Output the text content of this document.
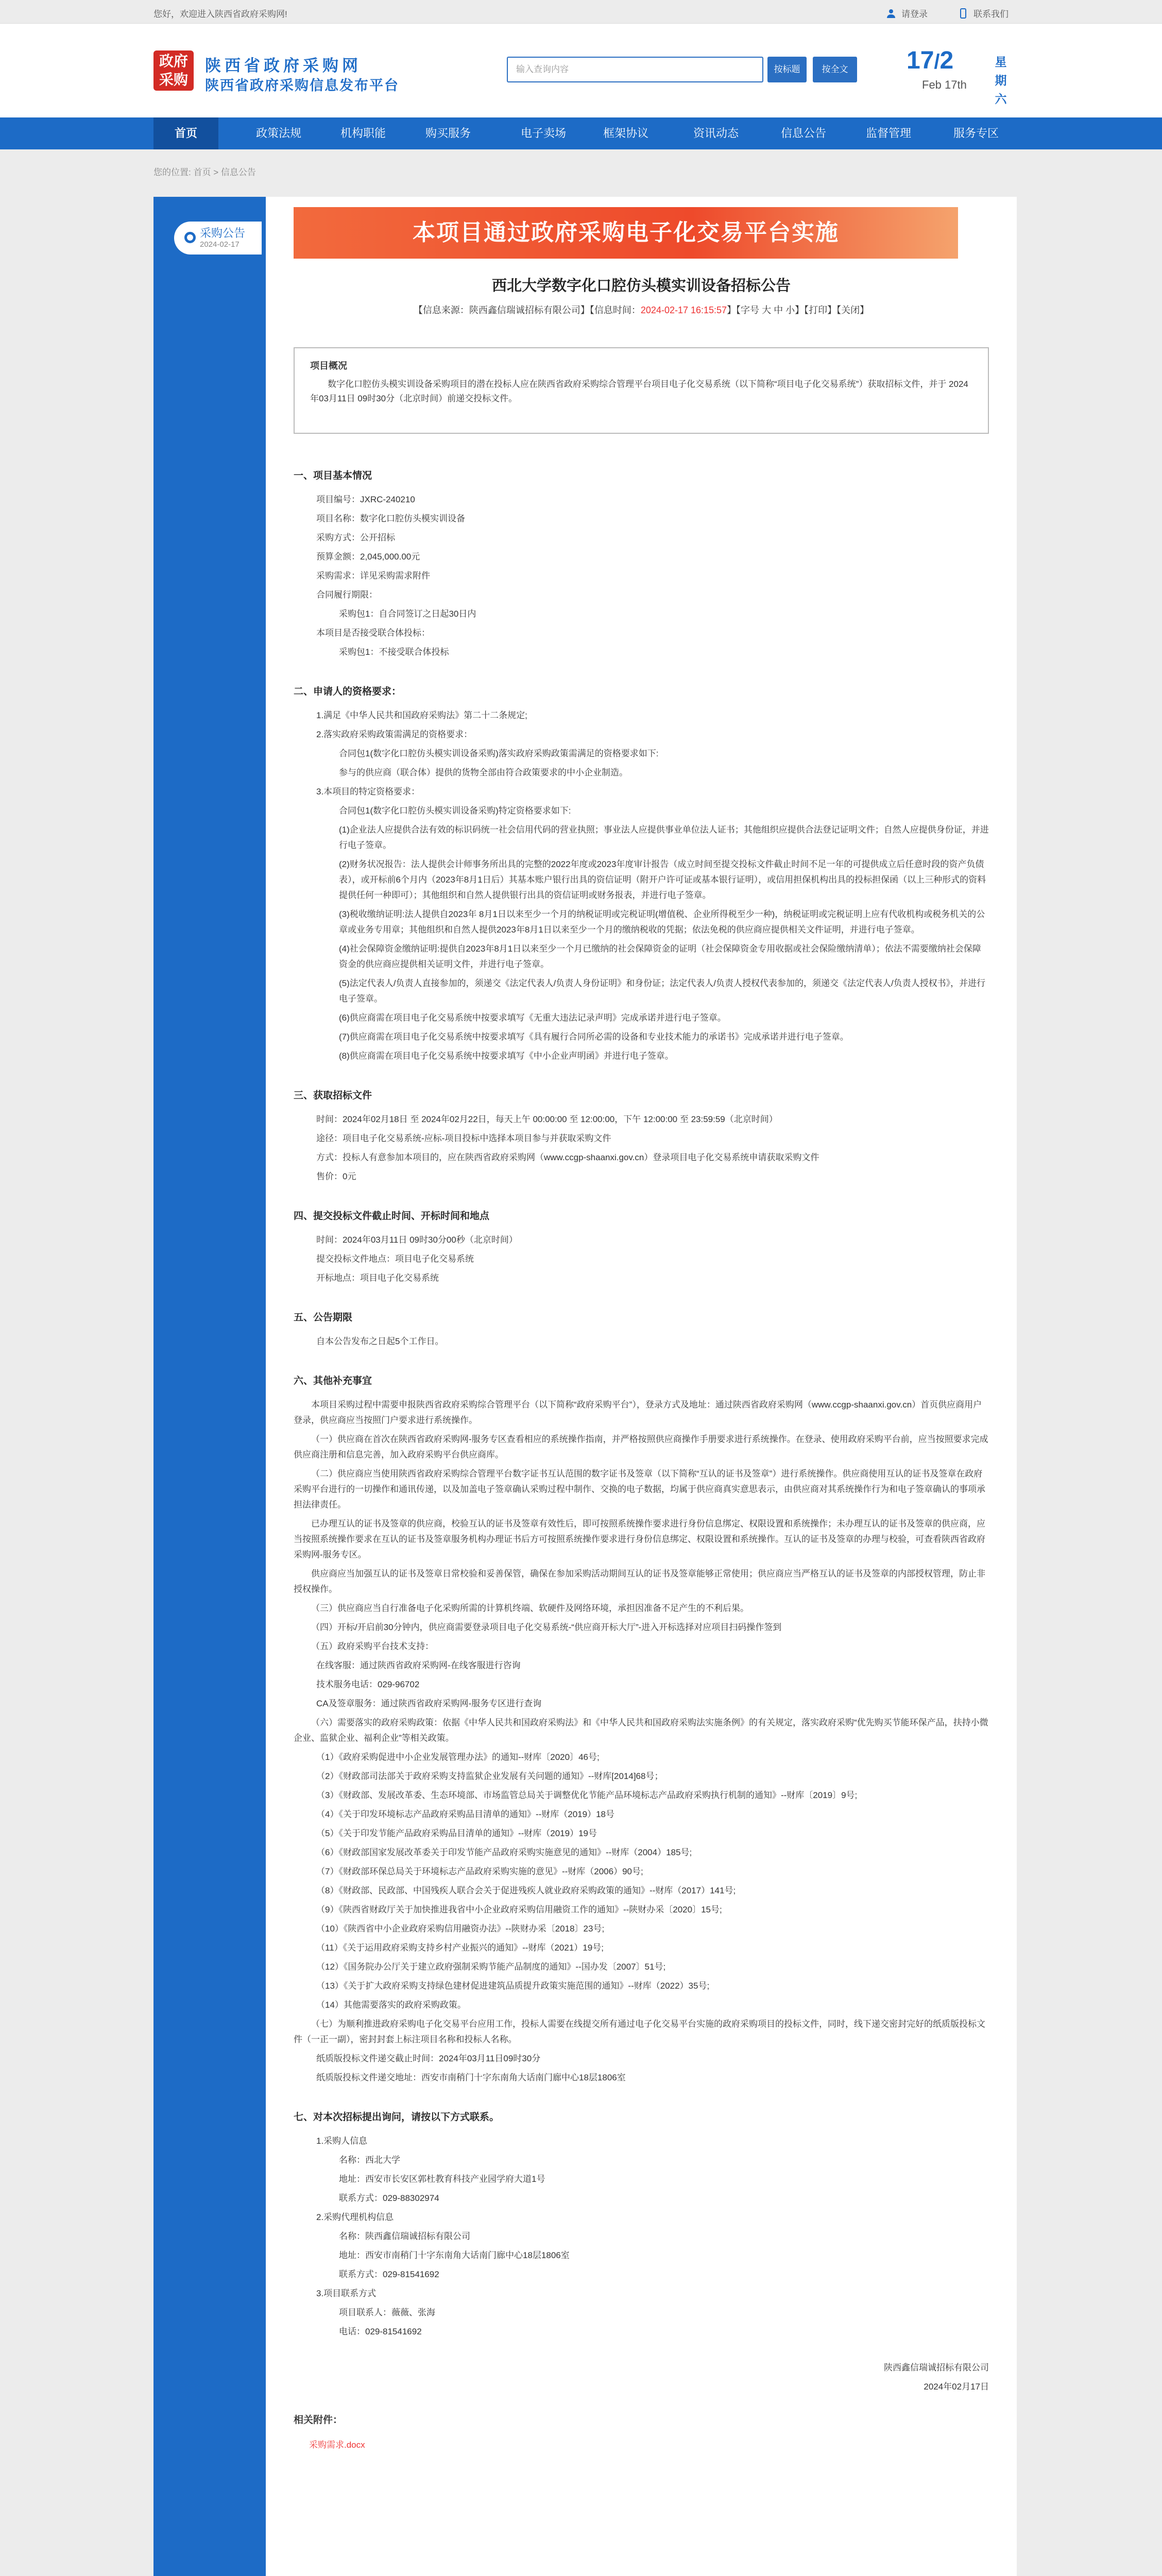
您好，欢迎进入陕西省政府采购网!	请登录	联系我们
政府
采购
陕西省政府采购网
陕西省政府采购信息发布平台
输入查询内容	按标题	按全文	17/2	星期六
Feb 17th
首页	政策法规	机构职能	购买服务	电子卖场	框架协议	资讯动态	信息公告	监督管理	服务专区
您的位置: 首页 > 信息公告
采购公告
2024-02-17	本项目通过政府采购电子化交易平台实施
西北大学数字化口腔仿头模实训设备招标公告
【信息来源：陕西鑫信瑞诚招标有限公司】【信息时间：2024-02-17 16:15:57】【字号 大 中 小】【打印】【关闭】
项目概况
数字化口腔仿头模实训设备采购项目的潜在投标人应在陕西省政府采购综合管理平台项目电子化交易系统（以下简称“项目电子化交易系统”）获取招标文件，并于 2024年03月11日 09时30分（北京时间）前递交投标文件。
一、项目基本情况
项目编号：JXRC-240210
项目名称：数字化口腔仿头模实训设备
采购方式：公开招标
预算金额：2,045,000.00元
采购需求：详见采购需求附件
合同履行期限：
采购包1：自合同签订之日起30日内
本项目是否接受联合体投标：
采购包1：不接受联合体投标
二、申请人的资格要求：
1.满足《中华人民共和国政府采购法》第二十二条规定;
2.落实政府采购政策需满足的资格要求：
合同包1(数字化口腔仿头模实训设备采购)落实政府采购政策需满足的资格要求如下:
参与的供应商（联合体）提供的货物全部由符合政策要求的中小企业制造。
3.本项目的特定资格要求：
合同包1(数字化口腔仿头模实训设备采购)特定资格要求如下:
(1)企业法人应提供合法有效的标识码统一社会信用代码的营业执照；事业法人应提供事业单位法人证书；其他组织应提供合法登记证明文件；自然人应提供身份证，并进行电子签章。
(2)财务状况报告：法人提供会计师事务所出具的完整的2022年度或2023年度审计报告（成立时间至提交投标文件截止时间不足一年的可提供成立后任意时段的资产负债表），或开标前6个月内（2023年8月1日后）其基本账户银行出具的资信证明（附开户许可证或基本银行证明），或信用担保机构出具的投标担保函（以上三种形式的资料提供任何一种即可）；其他组织和自然人提供银行出具的资信证明或财务报表，并进行电子签章。
(3)税收缴纳证明:法人提供自2023年 8月1日以来至少一个月的纳税证明或完税证明(增值税、企业所得税至少一种)，纳税证明或完税证明上应有代收机构或税务机关的公章或业务专用章；其他组织和自然人提供2023年8月1日以来至少一个月的缴纳税收的凭据；依法免税的供应商应提供相关文件证明，并进行电子签章。
(4)社会保障资金缴纳证明:提供自2023年8月1日以来至少一个月已缴纳的社会保障资金的证明（社会保障资金专用收据或社会保险缴纳清单）；依法不需要缴纳社会保障资金的供应商应提供相关证明文件，并进行电子签章。
(5)法定代表人/负责人直接参加的，须递交《法定代表人/负责人身份证明》和身份证；法定代表人/负责人授权代表参加的，须递交《法定代表人/负责人授权书》，并进行电子签章。
(6)供应商需在项目电子化交易系统中按要求填写《无重大违法记录声明》完成承诺并进行电子签章。
(7)供应商需在项目电子化交易系统中按要求填写《具有履行合同所必需的设备和专业技术能力的承诺书》完成承诺并进行电子签章。
(8)供应商需在项目电子化交易系统中按要求填写《中小企业声明函》并进行电子签章。
三、获取招标文件
时间：2024年02月18日 至 2024年02月22日，每天上午 00:00:00 至 12:00:00，下午 12:00:00 至 23:59:59（北京时间）
途径：项目电子化交易系统-应标-项目投标中选择本项目参与并获取采购文件
方式：投标人有意参加本项目的，应在陕西省政府采购网（www.ccgp-shaanxi.gov.cn）登录项目电子化交易系统申请获取采购文件
售价：0元
四、提交投标文件截止时间、开标时间和地点
时间：2024年03月11日 09时30分00秒（北京时间）
提交投标文件地点：项目电子化交易系统
开标地点：项目电子化交易系统
五、公告期限
自本公告发布之日起5个工作日。
六、其他补充事宜
本项目采购过程中需要申报陕西省政府采购综合管理平台（以下简称“政府采购平台”），登录方式及地址：通过陕西省政府采购网（www.ccgp-shaanxi.gov.cn）首页供应商用户登录，供应商应当按照门户要求进行系统操作。
（一）供应商在首次在陕西省政府采购网-服务专区查看相应的系统操作指南，并严格按照供应商操作手册要求进行系统操作。在登录、使用政府采购平台前，应当按照要求完成供应商注册和信息完善，加入政府采购平台供应商库。
（二）供应商应当使用陕西省政府采购综合管理平台数字证书互认范围的数字证书及签章（以下简称“互认的证书及签章”）进行系统操作。供应商使用互认的证书及签章在政府采购平台进行的一切操作和通讯传递，以及加盖电子签章确认采购过程中制作、交换的电子数据，均属于供应商真实意思表示，由供应商对其系统操作行为和电子签章确认的事项承担法律责任。
已办理互认的证书及签章的供应商，校验互认的证书及签章有效性后，即可按照系统操作要求进行身份信息绑定、权限设置和系统操作；未办理互认的证书及签章的供应商，应当按照系统操作要求在互认的证书及签章服务机构办理证书后方可按照系统操作要求进行身份信息绑定、权限设置和系统操作。互认的证书及签章的办理与校验，可查看陕西省政府采购网-服务专区。
供应商应当加强互认的证书及签章日常校验和妥善保管，确保在参加采购活动期间互认的证书及签章能够正常使用；供应商应当严格互认的证书及签章的内部授权管理，防止非授权操作。
（三）供应商应当自行准备电子化采购所需的计算机终端、软硬件及网络环境，承担因准备不足产生的不利后果。
（四）开标/开启前30分钟内，供应商需要登录项目电子化交易系统-“供应商开标大厅”-进入开标选择对应项目扫码操作签到
（五）政府采购平台技术支持：
在线客服：通过陕西省政府采购网-在线客服进行咨询
技术服务电话：029-96702
CA及签章服务：通过陕西省政府采购网-服务专区进行查询
（六）需要落实的政府采购政策：依据《中华人民共和国政府采购法》和《中华人民共和国政府采购法实施条例》的有关规定，落实政府采购“优先购买节能环保产品，扶持小微企业、监狱企业、福利企业”等相关政策。
（1）《政府采购促进中小企业发展管理办法》的通知--财库〔2020〕46号;
（2）《财政部司法部关于政府采购支持监狱企业发展有关问题的通知》--财库[2014]68号；
（3）《财政部、发展改革委、生态环境部、市场监管总局关于调整优化节能产品环境标志产品政府采购执行机制的通知》--财库〔2019〕9号;
（4）《关于印发环境标志产品政府采购品目清单的通知》--财库（2019）18号
（5）《关于印发节能产品政府采购品目清单的通知》--财库（2019）19号
（6）《财政部国家发展改革委关于印发节能产品政府采购实施意见的通知》--财库（2004）185号;
（7）《财政部环保总局关于环境标志产品政府采购实施的意见》--财库（2006）90号;
（8）《财政部、民政部、中国残疾人联合会关于促进残疾人就业政府采购政策的通知》--财库（2017）141号;
（9）《陕西省财政厅关于加快推进我省中小企业政府采购信用融资工作的通知》--陕财办采〔2020〕15号;
（10）《陕西省中小企业政府采购信用融资办法》--陕财办采〔2018〕23号;
（11）《关于运用政府采购支持乡村产业振兴的通知》--财库（2021）19号;
（12）《国务院办公厅关于建立政府强制采购节能产品制度的通知》--国办发〔2007〕51号;
（13）《关于扩大政府采购支持绿色建材促进建筑品质提升政策实施范围的通知》--财库（2022）35号;
（14）其他需要落实的政府采购政策。
（七）为顺利推进政府采购电子化交易平台应用工作，投标人需要在线提交所有通过电子化交易平台实施的政府采购项目的投标文件，同时，线下递交密封完好的纸质版投标文件（一正一副），密封封套上标注项目名称和投标人名称。
纸质版投标文件递交截止时间：2024年03月11日09时30分
纸质版投标文件递交地址：西安市南稍门十字东南角大话南门廊中心18层1806室
七、对本次招标提出询问，请按以下方式联系。
1.采购人信息
名称：西北大学
地址：西安市长安区郭杜教育科技产业园学府大道1号
联系方式：029-88302974
2.采购代理机构信息
名称：陕西鑫信瑞诚招标有限公司
地址：西安市南稍门十字东南角大话南门廊中心18层1806室
联系方式：029-81541692
3.项目联系方式
项目联系人：薇薇、张海
电话：029-81541692
陕西鑫信瑞诚招标有限公司
2024年02月17日
相关附件：
采购需求.docx
